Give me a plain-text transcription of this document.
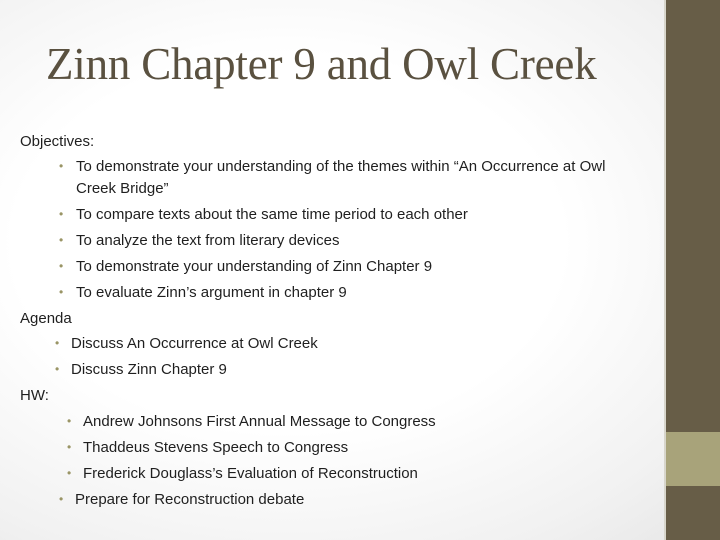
Zinn Chapter 9 and Owl Creek
Objectives:
• To demonstrate your understanding of the themes within “An Occurrence at Owl
Creek Bridge”
• To compare texts about the same time period to each other
• To analyze the text from literary devices
• To demonstrate your understanding of Zinn Chapter 9
• To evaluate Zinn’s argument in chapter 9
Agenda
• Discuss An Occurrence at Owl Creek
• Discuss Zinn Chapter 9
HW:
• Andrew Johnsons First Annual Message to Congress
• Thaddeus Stevens Speech to Congress
• Frederick Douglass’s Evaluation of Reconstruction
• Prepare for Reconstruction debate
